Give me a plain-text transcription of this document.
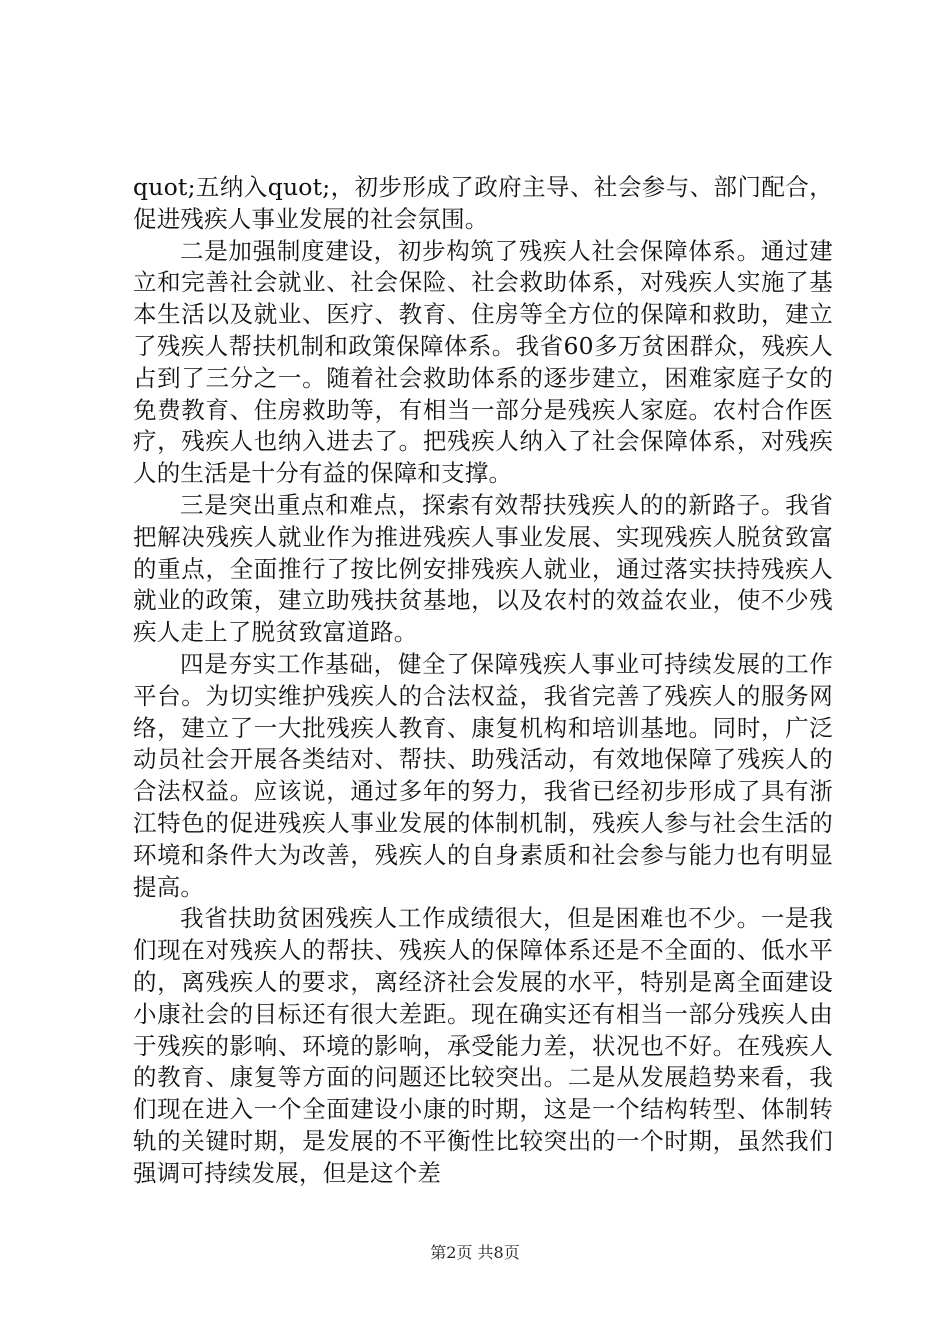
quot;五纳入quot;，初步形成了政府主导、社会参与、部门配合，促进残疾人事业发展的社会氛围。

二是加强制度建设，初步构筑了残疾人社会保障体系。通过建立和完善社会就业、社会保险、社会救助体系，对残疾人实施了基本生活以及就业、医疗、教育、住房等全方位的保障和救助，建立了残疾人帮扶机制和政策保障体系。我省60多万贫困群众，残疾人占到了三分之一。随着社会救助体系的逐步建立，困难家庭子女的免费教育、住房救助等，有相当一部分是残疾人家庭。农村合作医疗，残疾人也纳入进去了。把残疾人纳入了社会保障体系，对残疾人的生活是十分有益的保障和支撑。

三是突出重点和难点，探索有效帮扶残疾人的的新路子。我省把解决残疾人就业作为推进残疾人事业发展、实现残疾人脱贫致富的重点，全面推行了按比例安排残疾人就业，通过落实扶持残疾人就业的政策，建立助残扶贫基地，以及农村的效益农业，使不少残疾人走上了脱贫致富道路。

四是夯实工作基础，健全了保障残疾人事业可持续发展的工作平台。为切实维护残疾人的合法权益，我省完善了残疾人的服务网络，建立了一大批残疾人教育、康复机构和培训基地。同时，广泛动员社会开展各类结对、帮扶、助残活动，有效地保障了残疾人的合法权益。应该说，通过多年的努力，我省已经初步形成了具有浙江特色的促进残疾人事业发展的体制机制，残疾人参与社会生活的环境和条件大为改善，残疾人的自身素质和社会参与能力也有明显提高。

我省扶助贫困残疾人工作成绩很大，但是困难也不少。一是我们现在对残疾人的帮扶、残疾人的保障体系还是不全面的、低水平的，离残疾人的要求，离经济社会发展的水平，特别是离全面建设小康社会的目标还有很大差距。现在确实还有相当一部分残疾人由于残疾的影响、环境的影响，承受能力差，状况也不好。在残疾人的教育、康复等方面的问题还比较突出。二是从发展趋势来看，我们现在进入一个全面建设小康的时期，这是一个结构转型、体制转轨的关键时期，是发展的不平衡性比较突出的一个时期，虽然我们强调可持续发展，但是这个差

第2页 共8页
